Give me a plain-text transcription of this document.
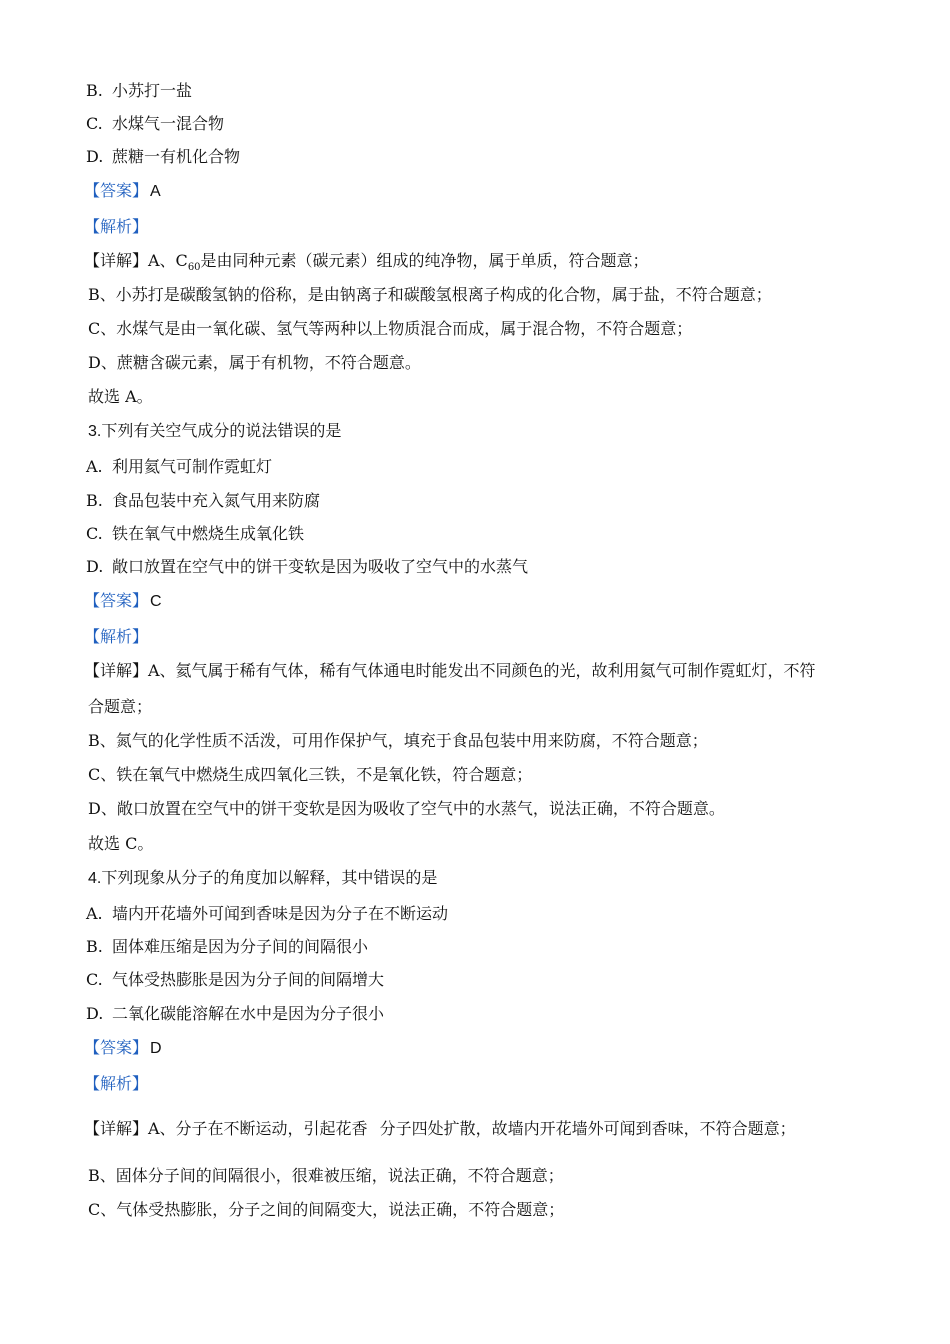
B. 小苏打一盐
C. 水煤气一混合物
D. 蔗糖一有机化合物
【答案】 A
【解析】
【详解】A、$C_{60}$是由同种元素（碳元素）组成的纯净物，属于单质，符合题意；
B、小苏打是碳酸氢钠的俗称，是由钠离子和碳酸氢根离子构成的化合物，属于盐，不符合题意；
C、水煤气是由一氧化碳、氢气等两种以上物质混合而成，属于混合物，不符合题意；
D、蔗糖含碳元素，属于有机物，不符合题意。
故选 A。
3.下列有关空气成分的说法错误的是
A. 利用氦气可制作霓虹灯
B. 食品包装中充入氮气用来防腐
C. 铁在氧气中燃烧生成氧化铁
D. 敞口放置在空气中的饼干变软是因为吸收了空气中的水蒸气
【答案】 C
【解析】
【详解】A、氦气属于稀有气体，稀有气体通电时能发出不同颜色的光，故利用氦气可制作霓虹灯，不符
合题意；
B、氮气的化学性质不活泼，可用作保护气，填充于食品包装中用来防腐，不符合题意；
C、铁在氧气中燃烧生成四氧化三铁，不是氧化铁，符合题意；
D、敞口放置在空气中的饼干变软是因为吸收了空气中的水蒸气，说法正确，不符合题意。
故选 C。
4.下列现象从分子的角度加以解释，其中错误的是
A. 墙内开花墙外可闻到香味是因为分子在不断运动
B. 固体难压缩是因为分子间的间隔很小
C. 气体受热膨胀是因为分子间的间隔增大
D. 二氧化碳能溶解在水中是因为分子很小
【答案】 D
【解析】
【详解】A、分子在不断运动，引起花香 分子四处扩散，故墙内开花墙外可闻到香味，不符合题意；
B、固体分子间的间隔很小，很难被压缩，说法正确，不符合题意；
C、气体受热膨胀，分子之间的间隔变大，说法正确，不符合题意；
